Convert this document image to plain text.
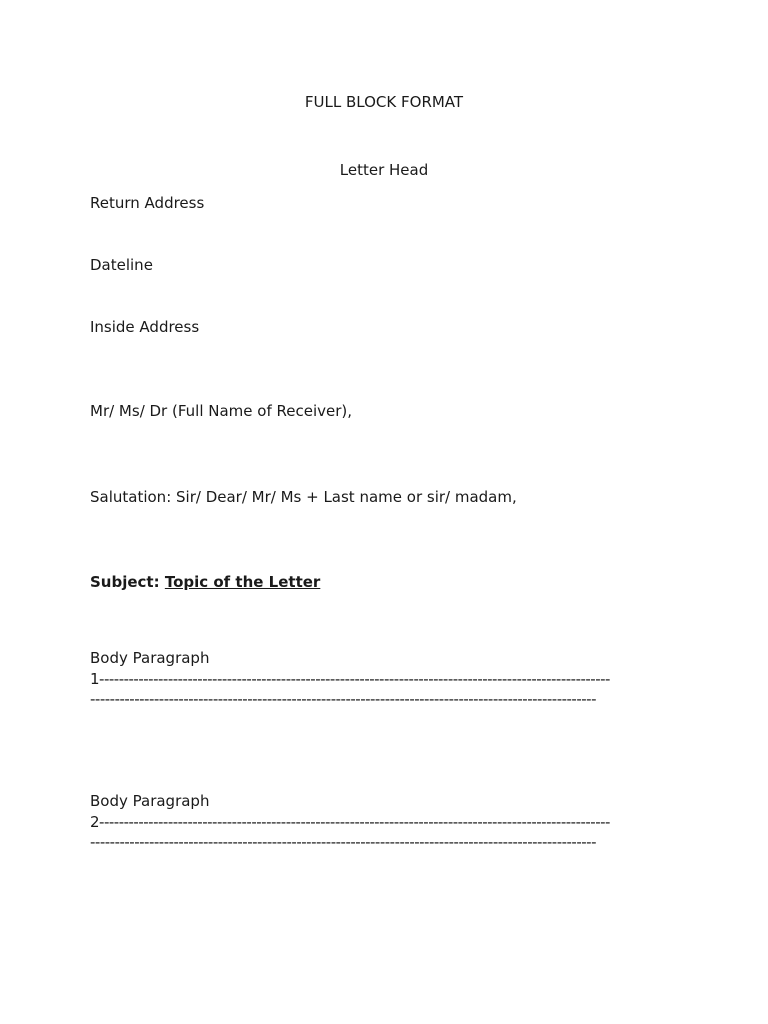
FULL BLOCK FORMAT
Letter Head
Return Address
Dateline
Inside Address
Mr/ Ms/ Dr (Full Name of Receiver),
Salutation: Sir/ Dear/ Mr/ Ms + Last name or sir/ madam,
Subject: Topic of the Letter
Body Paragraph
1--------------------------------------------------------------------------------------------------------
-------------------------------------------------------------------------------------------------------
Body Paragraph
2--------------------------------------------------------------------------------------------------------
-------------------------------------------------------------------------------------------------------
